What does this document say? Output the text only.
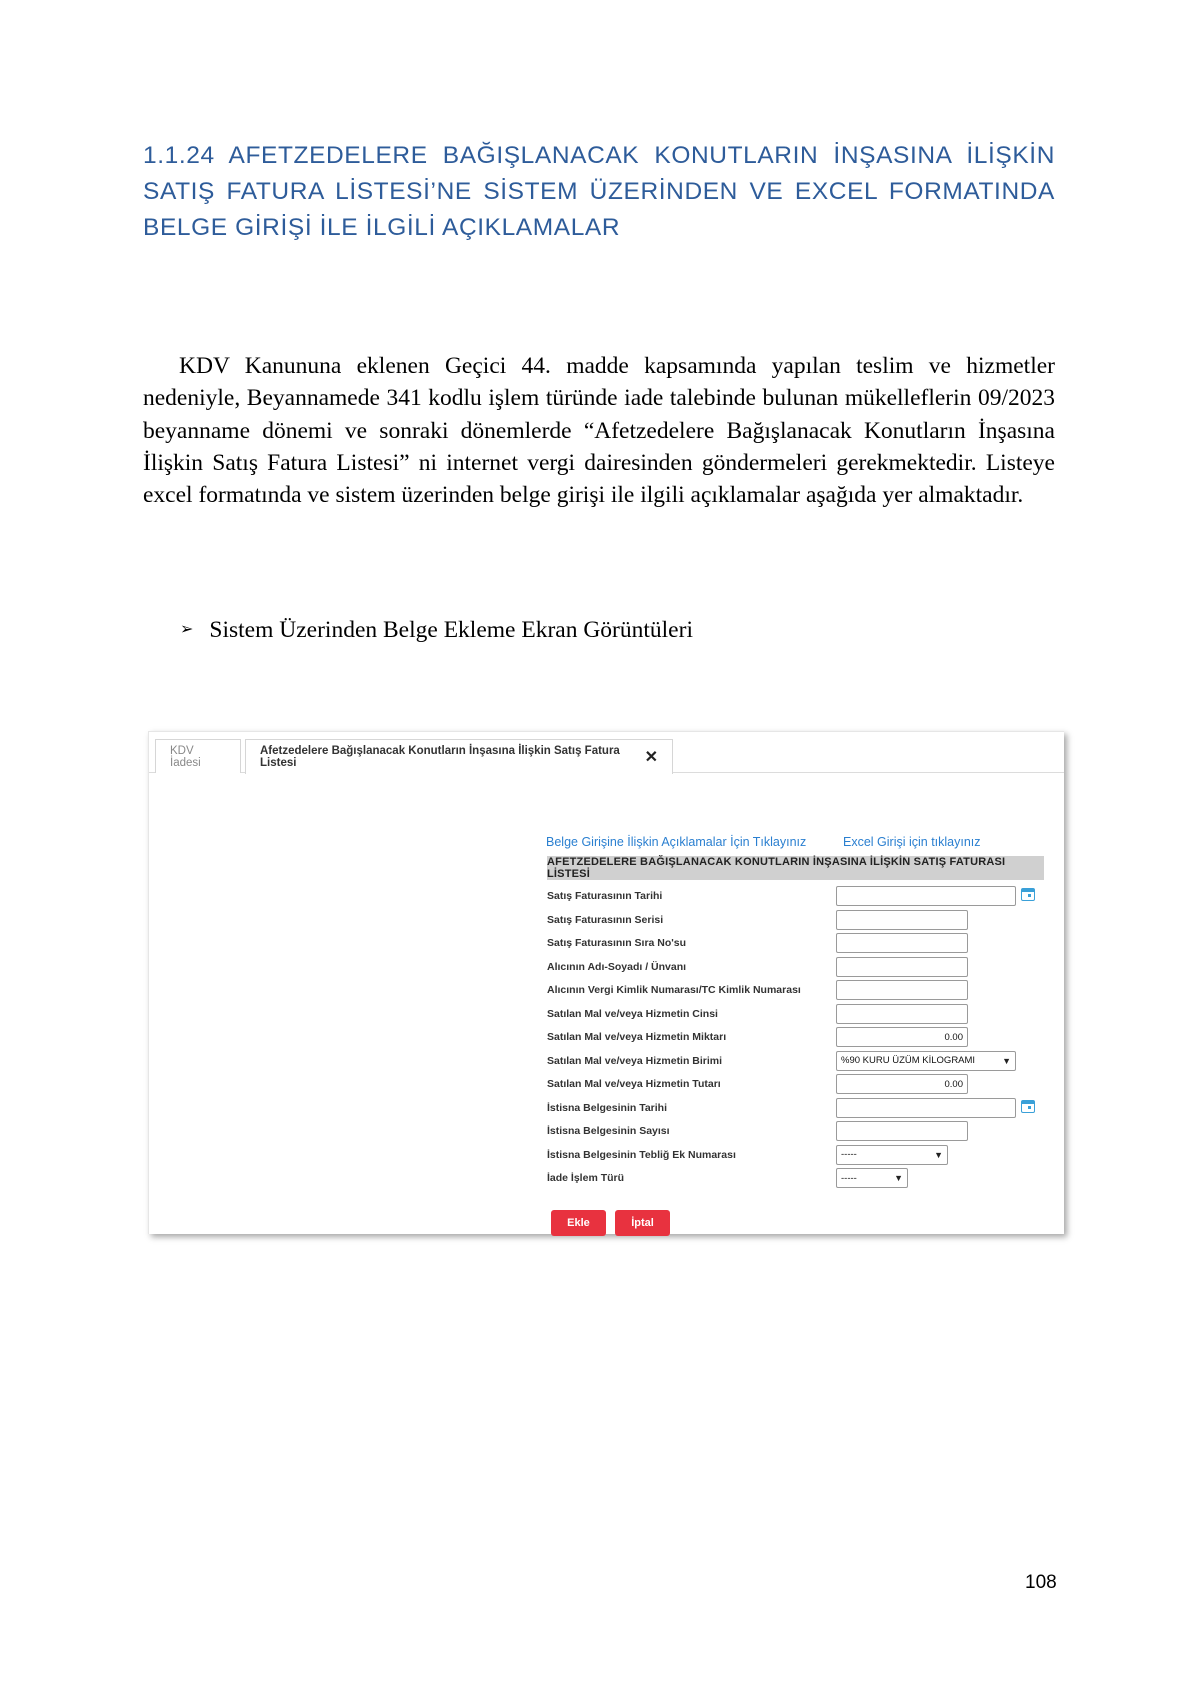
1.1.24 AFETZEDELERE BAĞIŞLANACAK KONUTLARIN İNŞASINA İLİŞKİN SATIŞ FATURA LİSTESİ’NE SİSTEM ÜZERİNDEN VE EXCEL FORMATINDA BELGE GİRİŞİ İLE İLGİLİ AÇIKLAMALAR
KDV Kanununa eklenen Geçici 44. madde kapsamında yapılan teslim ve hizmetler nedeniyle, Beyannamede 341 kodlu işlem türünde iade talebinde bulunan mükelleflerin 09/2023 beyanname dönemi ve sonraki dönemlerde “Afetzedelere Bağışlanacak Konutların İnşasına İlişkin Satış Fatura Listesi” ni internet vergi dairesinden göndermeleri gerekmektedir. Listeye excel formatında ve sistem üzerinden belge girişi ile ilgili açıklamalar aşağıda yer almaktadır.
➢ Sistem Üzerinden Belge Ekleme Ekran Görüntüleri
KDV İadesi
Afetzedelere Bağışlanacak Konutların İnşasına İlişkin Satış Fatura Listesi	✕
Belge Girişine İlişkin Açıklamalar İçin Tıklayınız	Excel Girişi için tıklayınız
AFETZEDELERE BAĞIŞLANACAK KONUTLARIN İNŞASINA İLİŞKİN SATIŞ FATURASI LİSTESİ
Satış Faturasının Tarihi
Satış Faturasının Serisi
Satış Faturasının Sıra No'su
Alıcının Adı-Soyadı / Ünvanı
Alıcının Vergi Kimlik Numarası/TC Kimlik Numarası
Satılan Mal ve/veya Hizmetin Cinsi
Satılan Mal ve/veya Hizmetin Miktarı	0.00
Satılan Mal ve/veya Hizmetin Birimi	%90 KURU ÜZÜM KİLOGRAMI	▼
Satılan Mal ve/veya Hizmetin Tutarı	0.00
İstisna Belgesinin Tarihi
İstisna Belgesinin Sayısı
İstisna Belgesinin Tebliğ Ek Numarası	-----	▼
İade İşlem Türü	-----	▼
Ekle	İptal
108
